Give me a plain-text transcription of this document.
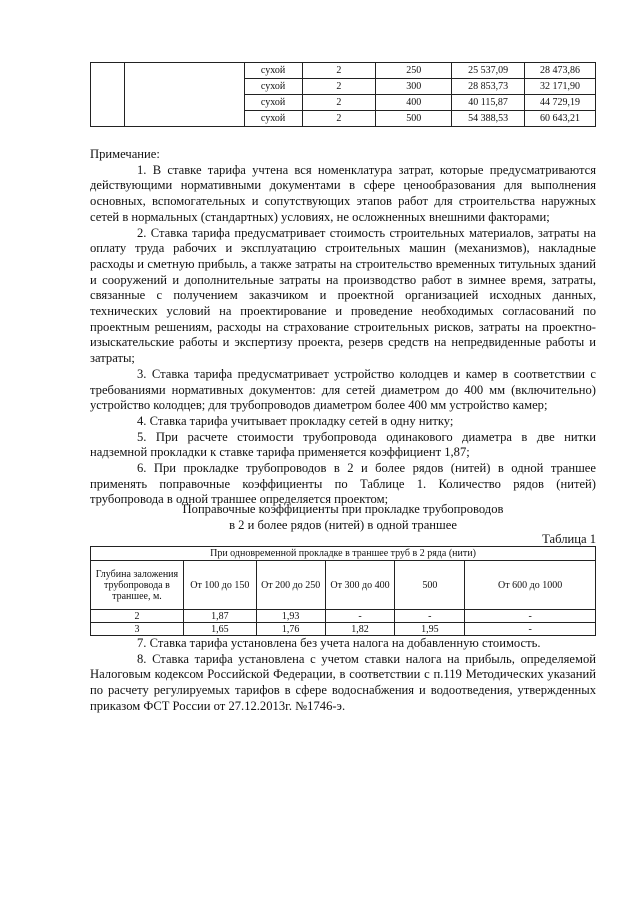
		сухой	2	250	25 537,09	28 473,86
		сухой	2	300	28 853,73	32 171,90
		сухой	2	400	40 115,87	44 729,19
		сухой	2	500	54 388,53	60 643,21

Примечание:

1. В ставке тарифа учтена вся номенклатура затрат, которые предусматриваются действующими нормативными документами в сфере ценообразования для выполнения основных, вспомогательных и сопутствующих этапов работ для строительства наружных сетей в нормальных (стандартных) условиях, не осложненных внешними факторами;

2. Ставка тарифа предусматривает стоимость строительных материалов, затраты на оплату труда рабочих и эксплуатацию строительных машин (механизмов), накладные расходы и сметную прибыль, а также затраты на строительство временных титульных зданий и сооружений и дополнительные затраты на производство работ в зимнее время, затраты, связанные с получением заказчиком и проектной организацией исходных данных, технических условий на проектирование и проведение необходимых согласований по проектным решениям, расходы на страхование строительных рисков, затраты на проектно-изыскательские работы и экспертизу проекта, резерв средств на непредвиденные работы и затраты;

3. Ставка тарифа предусматривает устройство колодцев и камер в соответствии с требованиями нормативных документов: для сетей диаметром до 400 мм (включительно) устройство колодцев; для трубопроводов диаметром более 400 мм устройство камер;

4. Ставка тарифа учитывает прокладку сетей в одну нитку;

5. При расчете стоимости трубопровода одинакового диаметра в две нитки надземной прокладки к ставке тарифа применяется коэффициент 1,87;

6. При прокладке трубопроводов в 2 и более рядов (нитей) в одной траншее применять поправочные коэффициенты по Таблице 1. Количество рядов (нитей) трубопровода в одной траншее определяется проектом;

Поправочные коэффициенты при прокладке трубопроводов
в 2 и более рядов (нитей) в одной траншее
Таблица 1
При одновременной прокладке в траншее труб в 2 ряда (нити)					
Глубина заложения трубопровода в траншее, м.	От 100 до 150	От 200 до 250	От 300 до 400	500	От 600 до 1000
2	1,87	1,93	-	-	-
3	1,65	1,76	1,82	1,95	-

7. Ставка тарифа установлена без учета налога на добавленную стоимость.

8. Ставка тарифа установлена с учетом ставки налога на прибыль, определяемой Налоговым кодексом Российской Федерации, в соответствии с п.119 Методических указаний по расчету регулируемых тарифов в сфере водоснабжения и водоотведения, утвержденных приказом ФСТ России от 27.12.2013г. №1746-э.
